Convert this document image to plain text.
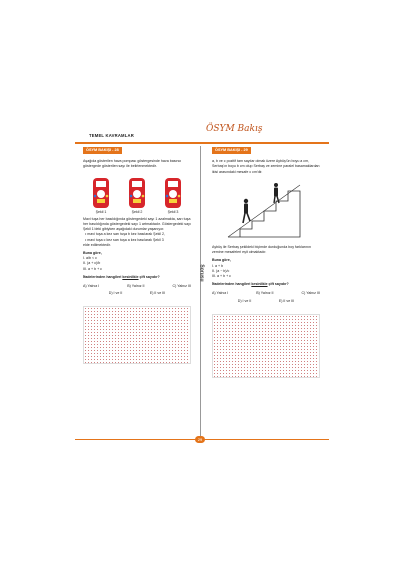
TEMEL KAVRAMLAR
ÖSYM Bakış
ÖSYM BAKIŞI - 28
Aşağıda gösterilen hava pompası göstergesinde hava basıncı göstergede gösterilen sayı ile belirlenmektedir.
Şekil 1	Şekil 2	Şekil 3
Mavi tuşa her basıldığında göstergedeki sayı 1 azalmakta, sarı tuşa her basıldığında göstergedeki sayı 1 artmaktadır. Göstergedeki sayı Şekil 1'deki gibiyken aşağıdaki durumlar yaşanıyor.
• mavi tuşa a kez sarı tuşa b kez basılarak Şekil 2,
• mavi tuşa c kez sarı tuşa a kez basılarak Şekil 3
elde edilmektedir.
Buna göre,
I. a/b < c
II. (a + c)/b
III. a + b + c
İfadelerinden hangileri kesinlikle çift sayıdır?
A) Yalnız I	B) Yalnız II	C) Yalnız III
D) I ve II	E) II ve III
Sorusu
ÖSYM BAKIŞI - 29
a, b ve c pozitif tam sayılar olmak üzere Aybüş'ün boyu a cm, Serbaş'ın boyu b cm olup Serbaş ve zemine paralel basamaklardan ikisi arasındaki mesafe c cm'dir.
Aybüş ile Serbaş şekildeki biçimde durduğunda boy farklarının zemine mesafeleri eşit olmaktadır.
Buna göre,
I. a + b
II. (a − b)/c
III. a + b + c
İfadelerinden hangileri kesinlikle çift sayıdır?
A) Yalnız I	B) Yalnız II	C) Yalnız III
D) I ve II	E) II ve III
29
